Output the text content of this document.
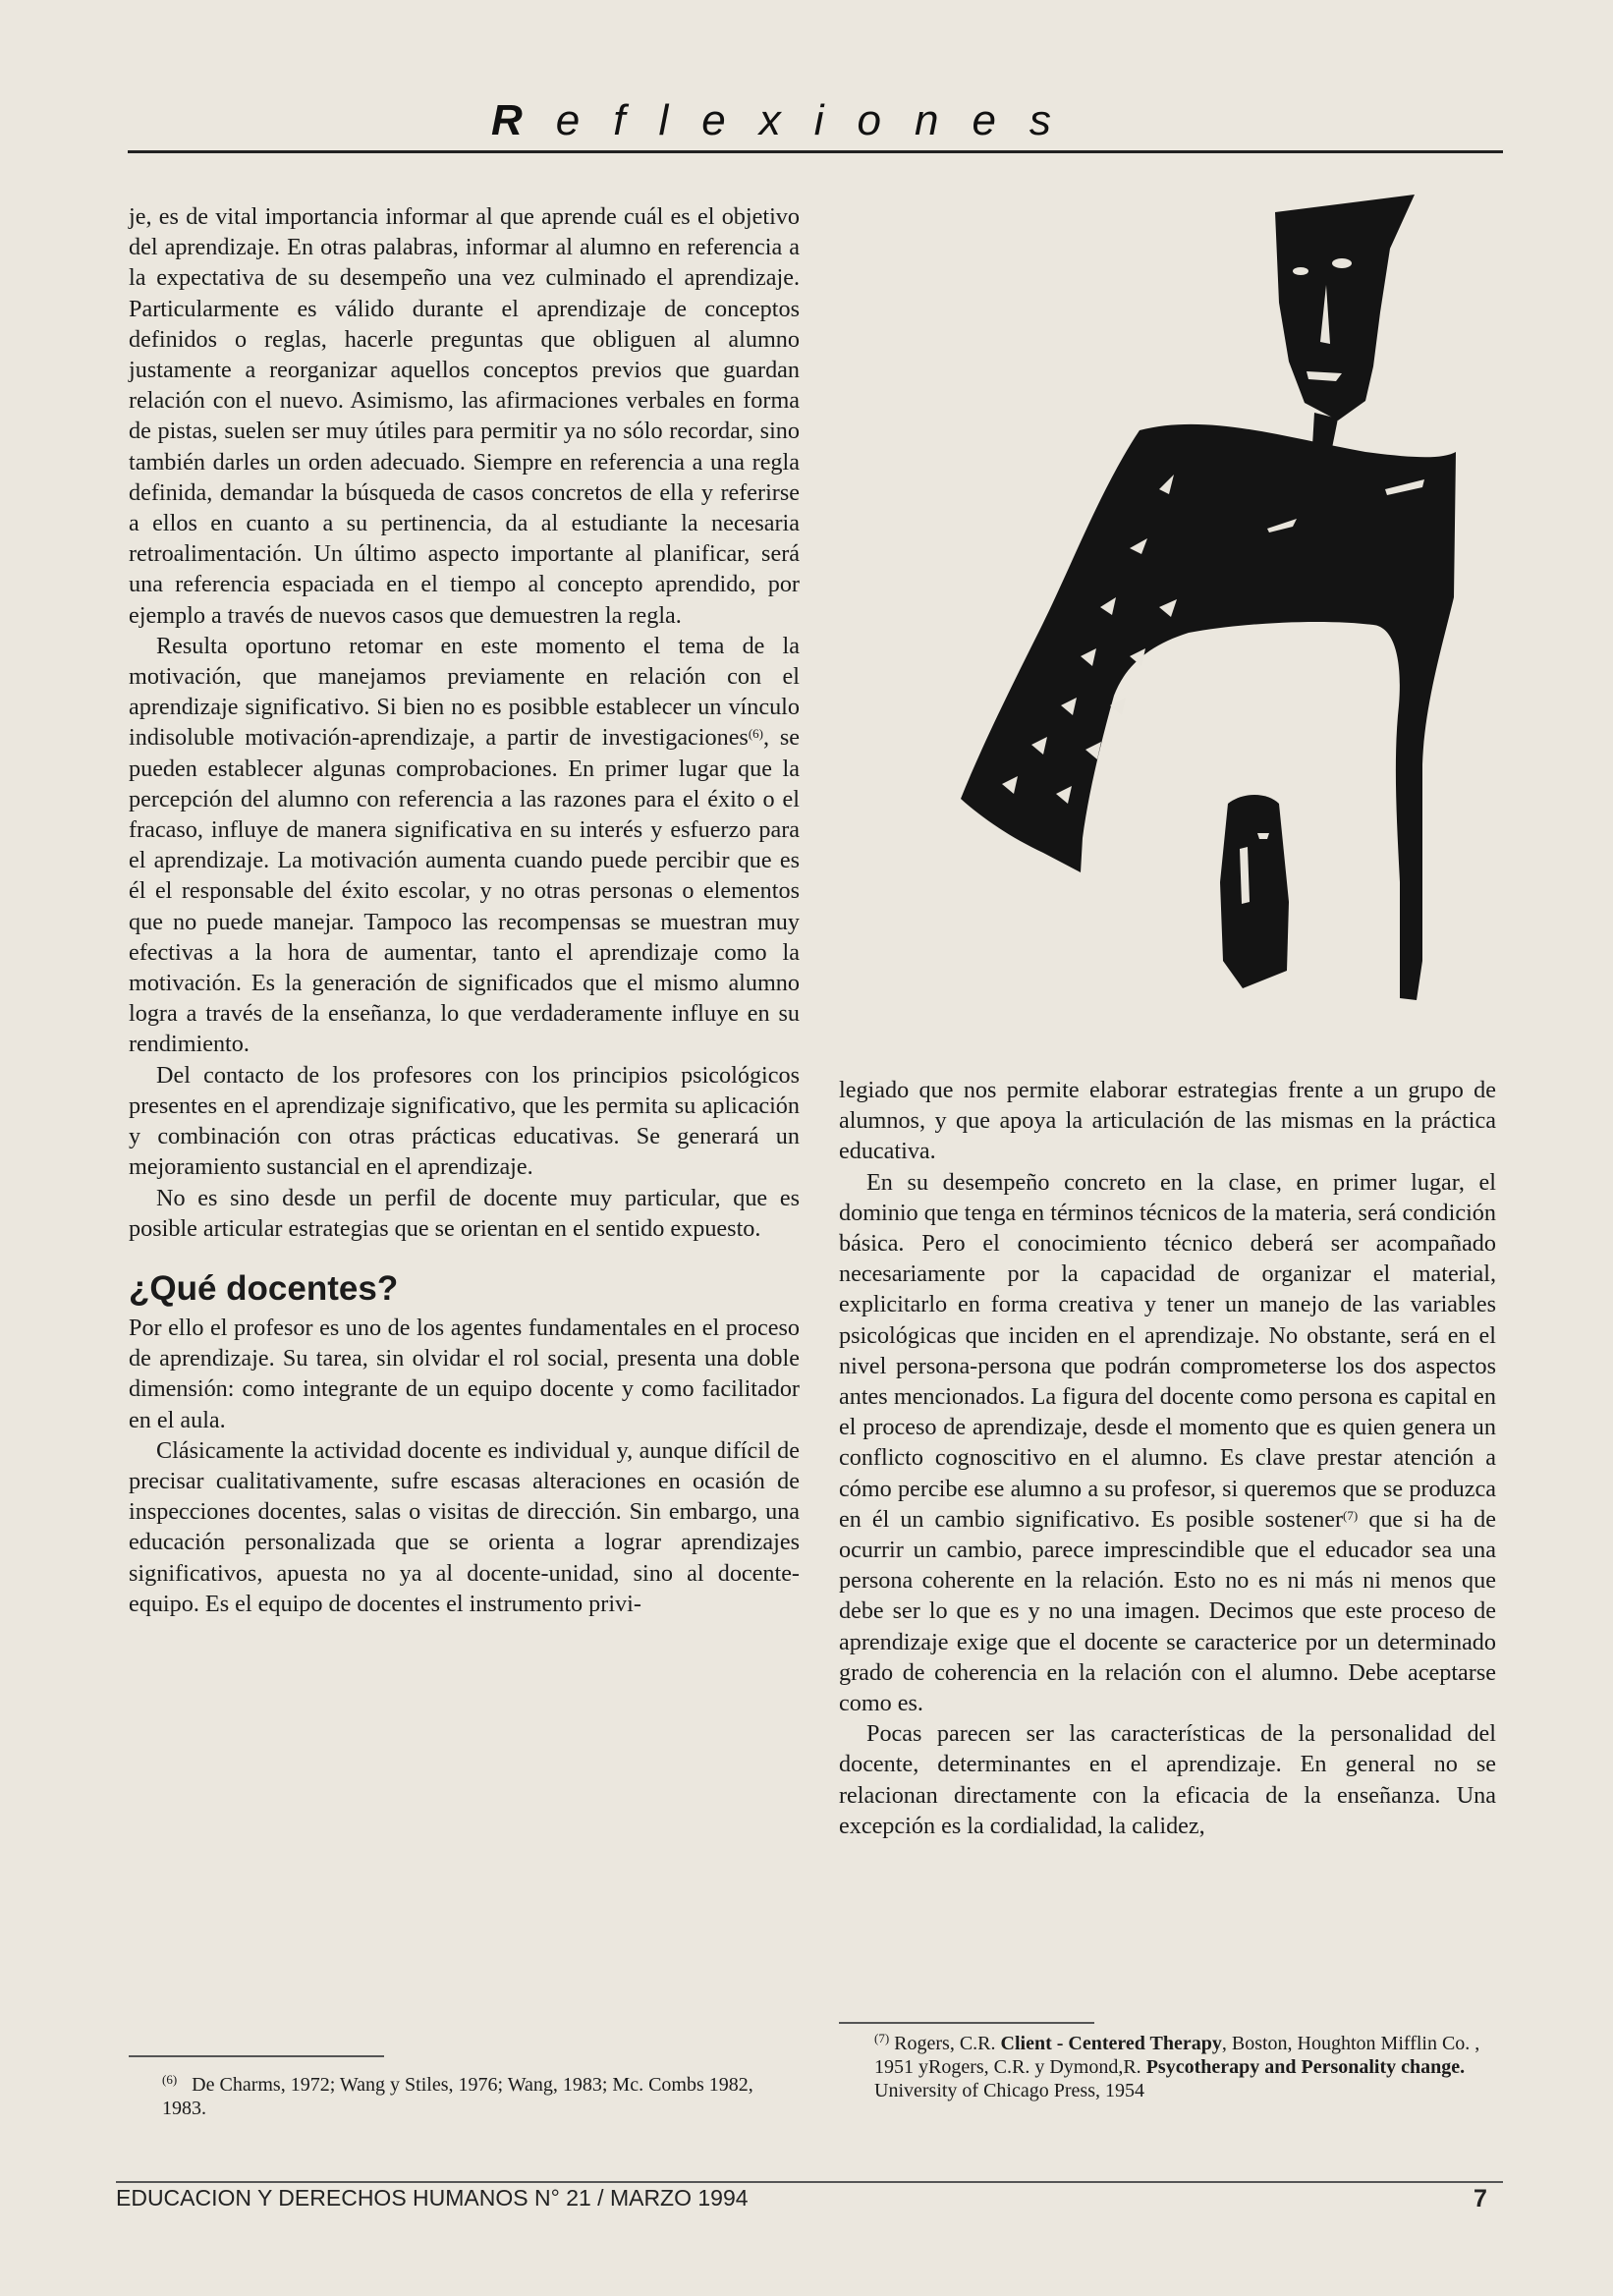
Reflexiones

je, es de vital importancia informar al que aprende cuál es el objetivo del aprendizaje. En otras palabras, informar al alumno en referencia a la expectativa de su desempeño una vez culminado el aprendizaje. Particularmente es válido durante el aprendizaje de conceptos definidos o reglas, hacerle preguntas que obliguen al alumno justamente a reorganizar aquellos conceptos previos que guardan relación con el nuevo. Asimismo, las afirmaciones verbales en forma de pistas, suelen ser muy útiles para permitir ya no sólo recordar, sino también darles un orden adecuado. Siempre en referencia a una regla definida, demandar la búsqueda de casos concretos de ella y referirse a ellos en cuanto a su pertinencia, da al estudiante la necesaria retroalimentación. Un último aspecto importante al planificar, será una referencia espaciada en el tiempo al concepto aprendido, por ejemplo a través de nuevos casos que demuestren la regla.

Resulta oportuno retomar en este momento el tema de la motivación, que manejamos previamente en relación con el aprendizaje significativo. Si bien no es posibble establecer un vínculo indisoluble motivación-aprendizaje, a partir de investigaciones$^{(6)}$, se pueden establecer algunas comprobaciones. En primer lugar que la percepción del alumno con referencia a las razones para el éxito o el fracaso, influye de manera significativa en su interés y esfuerzo para el aprendizaje. La motivación aumenta cuando puede percibir que es él el responsable del éxito escolar, y no otras personas o elementos que no puede manejar. Tampoco las recompensas se muestran muy efectivas a la hora de aumentar, tanto el aprendizaje como la motivación. Es la generación de significados que el mismo alumno logra a través de la enseñanza, lo que verdaderamente influye en su rendimiento.

Del contacto de los profesores con los principios psicológicos presentes en el aprendizaje significativo, que les permita su aplicación y combinación con otras prácticas educativas. Se generará un mejoramiento sustancial en el aprendizaje.

No es sino desde un perfil de docente muy particular, que es posible articular estrategias que se orientan en el sentido expuesto.

¿Qué docentes?

Por ello el profesor es uno de los agentes fundamentales en el proceso de aprendizaje. Su tarea, sin olvidar el rol social, presenta una doble dimensión: como integrante de un equipo docente y como facilitador en el aula.

Clásicamente la actividad docente es individual y, aunque difícil de precisar cualitativamente, sufre escasas alteraciones en ocasión de inspecciones docentes, salas o visitas de dirección. Sin embargo, una educación personalizada que se orienta a lograr aprendizajes significativos, apuesta no ya al docente-unidad, sino al docente-equipo. Es el equipo de docentes el instrumento privi-

legiado que nos permite elaborar estrategias frente a un grupo de alumnos, y que apoya la articulación de las mismas en la práctica educativa.

En su desempeño concreto en la clase, en primer lugar, el dominio que tenga en términos técnicos de la materia, será condición básica. Pero el conocimiento técnico deberá ser acompañado necesariamente por la capacidad de organizar el material, explicitarlo en forma creativa y tener un manejo de las variables psicológicas que inciden en el aprendizaje. No obstante, será en el nivel persona-persona que podrán comprometerse los dos aspectos antes mencionados. La figura del docente como persona es capital en el proceso de aprendizaje, desde el momento que es quien genera un conflicto cognoscitivo en el alumno. Es clave prestar atención a cómo percibe ese alumno a su profesor, si queremos que se produzca en él un cambio significativo. Es posible sostener$^{(7)}$ que si ha de ocurrir un cambio, parece imprescindible que el educador sea una persona coherente en la relación. Esto no es ni más ni menos que debe ser lo que es y no una imagen. Decimos que este proceso de aprendizaje exige que el docente se caracterice por un determinado grado de coherencia en la relación con el alumno. Debe aceptarse como es.

Pocas parecen ser las características de la personalidad del docente, determinantes en el aprendizaje. En general no se relacionan directamente con la eficacia de la enseñanza. Una excepción es la cordialidad, la calidez,

$^{(6)}$ De Charms, 1972; Wang y Stiles, 1976; Wang, 1983; Mc. Combs 1982, 1983.
$^{(7)}$ Rogers, C.R. Client - Centered Therapy, Boston, Houghton Mifflin Co. , 1951 yRogers, C.R. y Dymond,R. Psycotherapy and Personality change. University of Chicago Press, 1954
EDUCACION Y DERECHOS HUMANOS N° 21 / MARZO 1994	7
